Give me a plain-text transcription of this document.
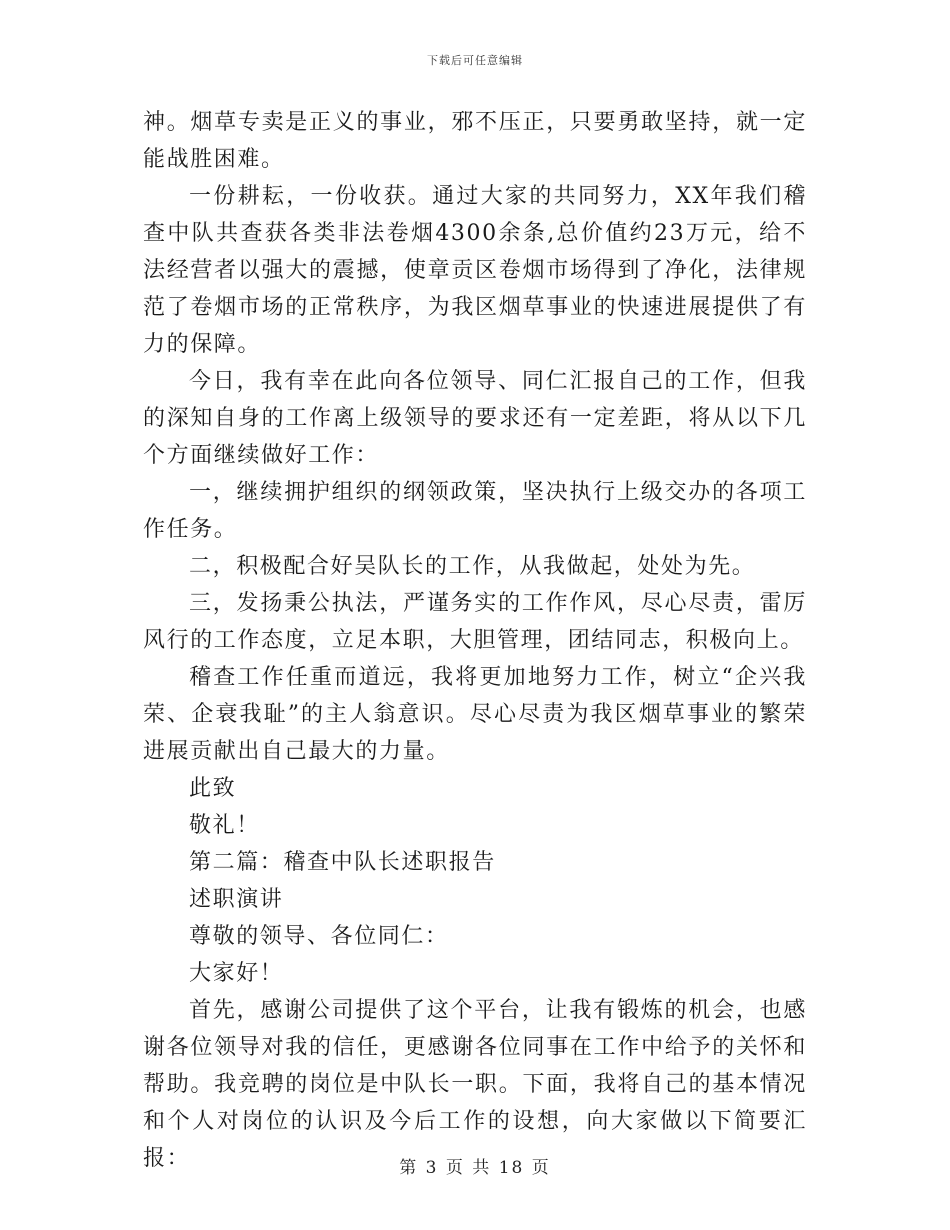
下载后可任意编辑

神。烟草专卖是正义的事业，邪不压正，只要勇敢坚持，就一定能战胜困难。

一份耕耘，一份收获。通过大家的共同努力，XX年我们稽查中队共查获各类非法卷烟4300余条,总价值约23万元，给不法经营者以强大的震撼，使章贡区卷烟市场得到了净化，法律规范了卷烟市场的正常秩序，为我区烟草事业的快速进展提供了有力的保障。

今日，我有幸在此向各位领导、同仁汇报自己的工作，但我的深知自身的工作离上级领导的要求还有一定差距，将从以下几个方面继续做好工作：

一，继续拥护组织的纲领政策，坚决执行上级交办的各项工作任务。

二，积极配合好吴队长的工作，从我做起，处处为先。

三，发扬秉公执法，严谨务实的工作作风，尽心尽责，雷厉风行的工作态度，立足本职，大胆管理，团结同志，积极向上。

稽查工作任重而道远，我将更加地努力工作，树立“企兴我荣、企衰我耻”的主人翁意识。尽心尽责为我区烟草事业的繁荣进展贡献出自己最大的力量。

此致

敬礼！

第二篇：稽查中队长述职报告

述职演讲

尊敬的领导、各位同仁：

大家好！

首先，感谢公司提供了这个平台，让我有锻炼的机会，也感谢各位领导对我的信任，更感谢各位同事在工作中给予的关怀和帮助。我竞聘的岗位是中队长一职。下面，我将自己的基本情况和个人对岗位的认识及今后工作的设想，向大家做以下简要汇报：	第 3 页 共 18 页
